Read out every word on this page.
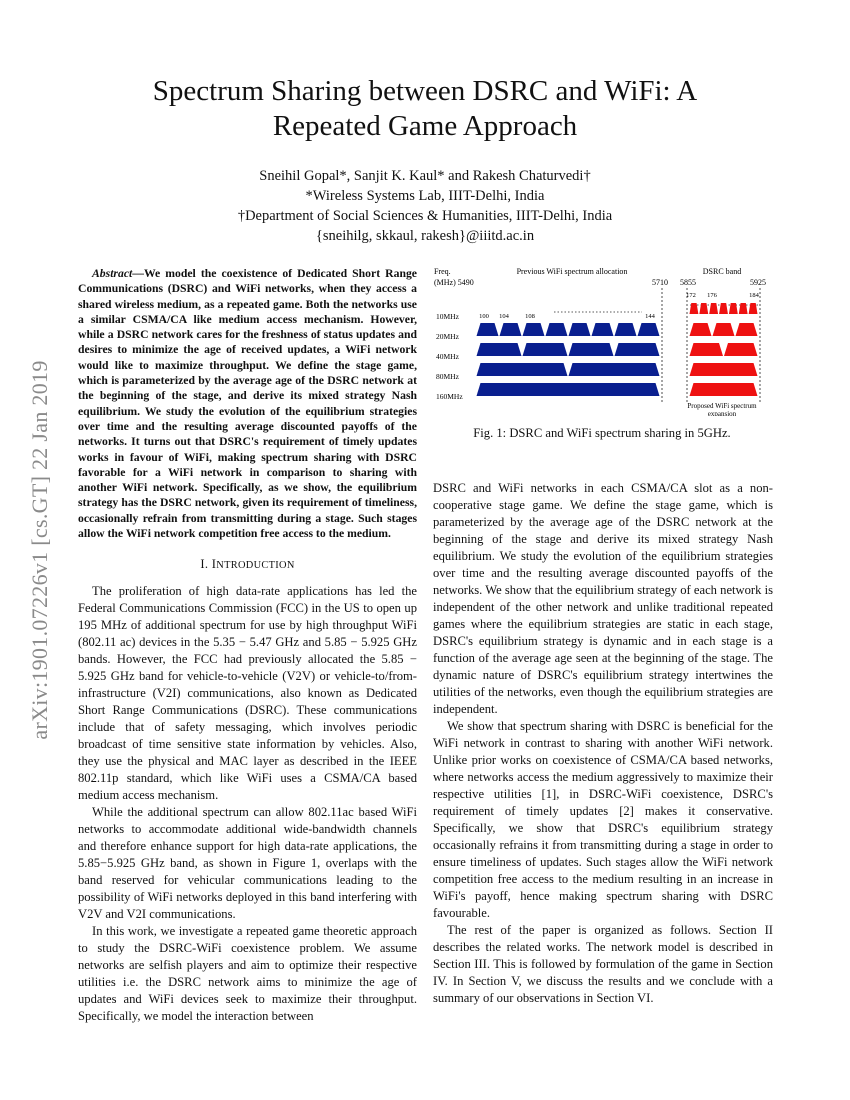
Spectrum Sharing between DSRC and WiFi: A
Repeated Game Approach
Sneihil Gopal*, Sanjit K. Kaul* and Rakesh Chaturvedi†
*Wireless Systems Lab, IIIT-Delhi, India
†Department of Social Sciences & Humanities, IIIT-Delhi, India
{sneihilg, skkaul, rakesh}@iiitd.ac.in
arXiv:1901.07226v1 [cs.GT] 22 Jan 2019

Abstract—We model the coexistence of Dedicated Short Range Communications (DSRC) and WiFi networks, when they access a shared wireless medium, as a repeated game. Both the networks use a similar CSMA/CA like medium access mechanism. However, while a DSRC network cares for the freshness of status updates and desires to minimize the age of received updates, a WiFi network would like to maximize throughput. We define the stage game, which is parameterized by the average age of the DSRC network at the beginning of the stage, and derive its mixed strategy Nash equilibrium. We study the evolution of the equilibrium strategies over time and the resulting average discounted payoffs of the networks. It turns out that DSRC's requirement of timely updates works in favour of WiFi, making spectrum sharing with DSRC favorable for a WiFi network in comparison to sharing with another WiFi network. Specifically, as we show, the equilibrium strategy has the DSRC network, given its requirement of timeliness, occasionally refrain from transmitting during a stage. Such stages allow the WiFi network competition free access to the medium.

I. INTRODUCTION

The proliferation of high data-rate applications has led the Federal Communications Commission (FCC) in the US to open up 195 MHz of additional spectrum for use by high throughput WiFi (802.11 ac) devices in the 5.35 − 5.47 GHz and 5.85 − 5.925 GHz bands. However, the FCC had previously allocated the 5.85 − 5.925 GHz band for vehicle-to-vehicle (V2V) or vehicle-to/from-infrastructure (V2I) communications, also known as Dedicated Short Range Communications (DSRC). These communications include that of safety messaging, which involves periodic broadcast of time sensitive state information by vehicles. Also, they use the physical and MAC layer as described in the IEEE 802.11p standard, which like WiFi uses a CSMA/CA based medium access mechanism.

While the additional spectrum can allow 802.11ac based WiFi networks to accommodate additional wide-bandwidth channels and therefore enhance support for high data-rate applications, the 5.85−5.925 GHz band, as shown in Figure 1, overlaps with the band reserved for vehicular communications leading to the possibility of WiFi networks deployed in this band interfering with V2V and V2I communications.

In this work, we investigate a repeated game theoretic approach to study the DSRC-WiFi coexistence problem. We assume networks are selfish players and aim to optimize their respective utilities i.e. the DSRC network aims to minimize the age of updates and WiFi devices seek to maximize their throughput. Specifically, we model the interaction between

Freq.
(MHz) 5490
Previous WiFi spectrum allocation	DSRC band
5710 5855	5925
100 104	108	144
172 176	184
10MHz
20MHz
40MHz
80MHz
160MHz
Proposed WiFi spectrum
expansion
Fig. 1: DSRC and WiFi spectrum sharing in 5GHz.

DSRC and WiFi networks in each CSMA/CA slot as a non-cooperative stage game. We define the stage game, which is parameterized by the average age of the DSRC network at the beginning of the stage and derive its mixed strategy Nash equilibrium. We study the evolution of the equilibrium strategies over time and the resulting average discounted payoffs of the networks. We show that the equilibrium strategy of each network is independent of the other network and unlike traditional repeated games where the equilibrium strategies are static in each stage, DSRC's equilibrium strategy is dynamic and in each stage is a function of the average age seen at the beginning of the stage. The dynamic nature of DSRC's equilibrium strategy intertwines the utilities of the networks, even though the equilibrium strategies are independent.

We show that spectrum sharing with DSRC is beneficial for the WiFi network in contrast to sharing with another WiFi network. Unlike prior works on coexistence of CSMA/CA based networks, where networks access the medium aggressively to maximize their respective utilities [1], in DSRC-WiFi coexistence, DSRC's requirement of timely updates [2] makes it conservative. Specifically, we show that DSRC's equilibrium strategy occasionally refrains it from transmitting during a stage in order to ensure timeliness of updates. Such stages allow the WiFi network competition free access to the medium resulting in an increase in WiFi's payoff, hence making spectrum sharing with DSRC favourable.

The rest of the paper is organized as follows. Section II describes the related works. The network model is described in Section III. This is followed by formulation of the game in Section IV. In Section V, we discuss the results and we conclude with a summary of our observations in Section VI.
